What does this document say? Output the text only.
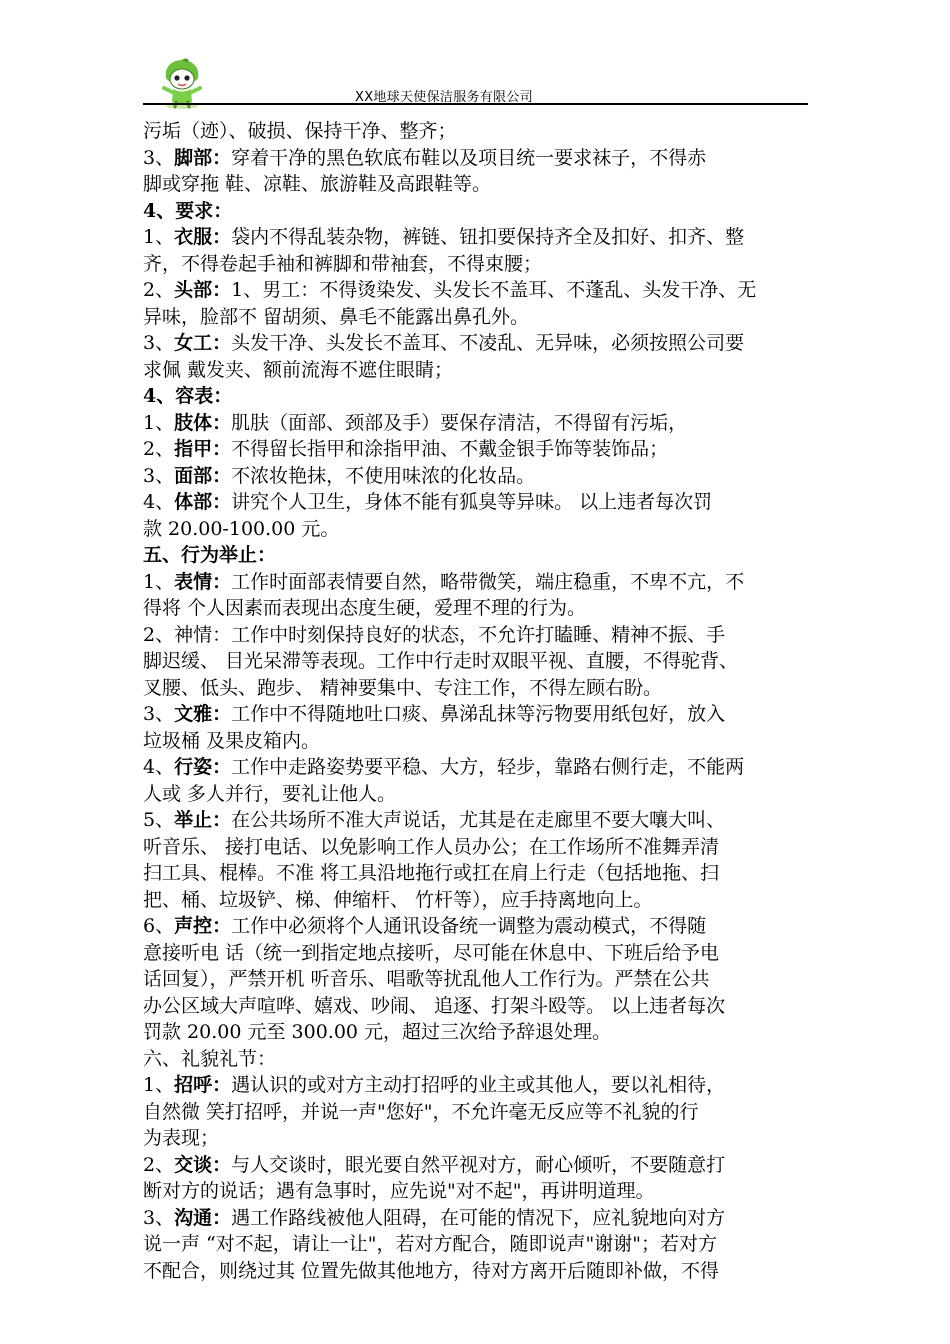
XX地球天使保洁服务有限公司

污垢（迹）、破损、保持干净、整齐；

3、脚部：穿着干净的黑色软底布鞋以及项目统一要求袜子，不得赤

脚或穿拖 鞋、凉鞋、旅游鞋及高跟鞋等。

4、要求：

1、衣服：袋内不得乱装杂物，裤链、钮扣要保持齐全及扣好、扣齐、整

齐，不得卷起手袖和裤脚和带袖套，不得束腰；

2、头部：1、男工：不得烫染发、头发长不盖耳、不蓬乱、头发干净、无

异味，脸部不 留胡须、鼻毛不能露出鼻孔外。

3、女工：头发干净、头发长不盖耳、不凌乱、无异味，必须按照公司要

求佩 戴发夹、额前流海不遮住眼睛；

4、容表：

1、肢体：肌肤（面部、颈部及手）要保存清洁，不得留有污垢，

2、指甲：不得留长指甲和涂指甲油、不戴金银手饰等装饰品；

3、面部：不浓妆艳抹，不使用味浓的化妆品。

4、体部：讲究个人卫生，身体不能有狐臭等异味。 以上违者每次罚

款 20.00-100.00 元。

五、行为举止：

1、表情：工作时面部表情要自然，略带微笑，端庄稳重，不卑不亢，不

得将 个人因素而表现出态度生硬，爱理不理的行为。

2、神情：工作中时刻保持良好的状态，不允许打瞌睡、精神不振、手

脚迟缓、 目光呆滞等表现。工作中行走时双眼平视、直腰，不得驼背、

叉腰、低头、跑步、 精神要集中、专注工作，不得左顾右盼。

3、文雅：工作中不得随地吐口痰、鼻涕乱抹等污物要用纸包好，放入

垃圾桶 及果皮箱内。

4、行姿：工作中走路姿势要平稳、大方，轻步，靠路右侧行走，不能两

人或 多人并行，要礼让他人。

5、举止：在公共场所不准大声说话，尤其是在走廊里不要大嚷大叫、

听音乐、 接打电话、以免影响工作人员办公；在工作场所不准舞弄清

扫工具、棍棒。不准 将工具沿地拖行或扛在肩上行走（包括地拖、扫

把、桶、垃圾铲、梯、伸缩杆、 竹杆等），应手持离地向上。

6、声控：工作中必须将个人通讯设备统一调整为震动模式，不得随

意接听电 话（统一到指定地点接听，尽可能在休息中、下班后给予电

话回复），严禁开机 听音乐、唱歌等扰乱他人工作行为。严禁在公共

办公区域大声喧哗、嬉戏、吵闹、 追逐、打架斗殴等。 以上违者每次

罚款 20.00 元至 300.00 元，超过三次给予辞退处理。

六、礼貌礼节：

1、招呼：遇认识的或对方主动打招呼的业主或其他人，要以礼相待，

自然微 笑打招呼，并说一声"您好"，不允许毫无反应等不礼貌的行

为表现；

2、交谈：与人交谈时，眼光要自然平视对方，耐心倾听，不要随意打

断对方的说话；遇有急事时，应先说"对不起"，再讲明道理。

3、沟通：遇工作路线被他人阻碍，在可能的情况下，应礼貌地向对方

说一声 “对不起，请让一让"，若对方配合，随即说声"谢谢"；若对方

不配合，则绕过其 位置先做其他地方，待对方离开后随即补做，不得
